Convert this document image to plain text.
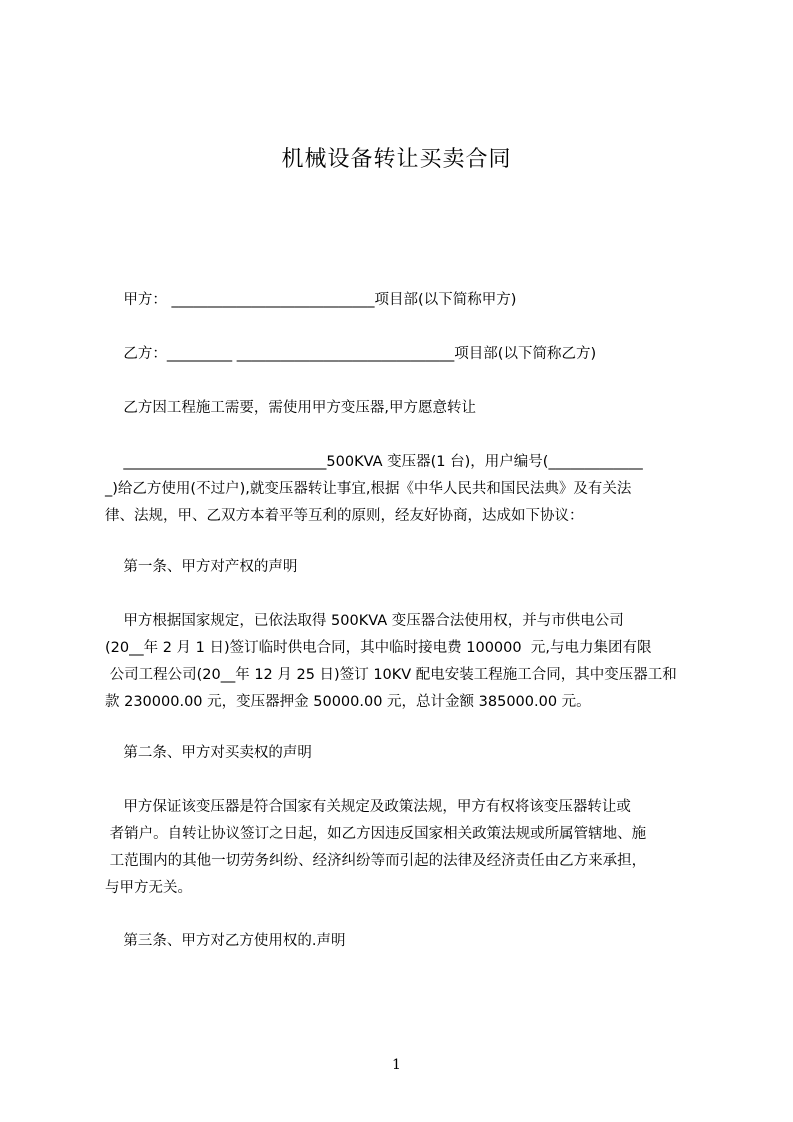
机械设备转让买卖合同
甲方： ____________________________项目部(以下简称甲方)
乙方：_________ ______________________________项目部(以下简称乙方)
乙方因工程施工需要，需使用甲方变压器,甲方愿意转让
____________________________500KVA 变压器(1 台)，用户编号(_____________
_)给乙方使用(不过户),就变压器转让事宜,根据《中华人民共和国民法典》及有关法
律、法规，甲、乙双方本着平等互利的原则，经友好协商，达成如下协议：
第一条、甲方对产权的声明
甲方根据国家规定，已依法取得 500KVA 变压器合法使用权，并与市供电公司
(20__年 2 月 1 日)签订临时供电合同，其中临时接电费 100000  元,与电力集团有限
公司工程公司(20__年 12 月 25 日)签订 10KV 配电安装工程施工合同，其中变压器工和
款 230000.00 元，变压器押金 50000.00 元，总计金额 385000.00 元。
第二条、甲方对买卖权的声明
甲方保证该变压器是符合国家有关规定及政策法规，甲方有权将该变压器转让或
者销户。自转让协议签订之日起，如乙方因违反国家相关政策法规或所属管辖地、施
工范围内的其他一切劳务纠纷、经济纠纷等而引起的法律及经济责任由乙方来承担，
与甲方无关。
第三条、甲方对乙方使用权的.声明
1
